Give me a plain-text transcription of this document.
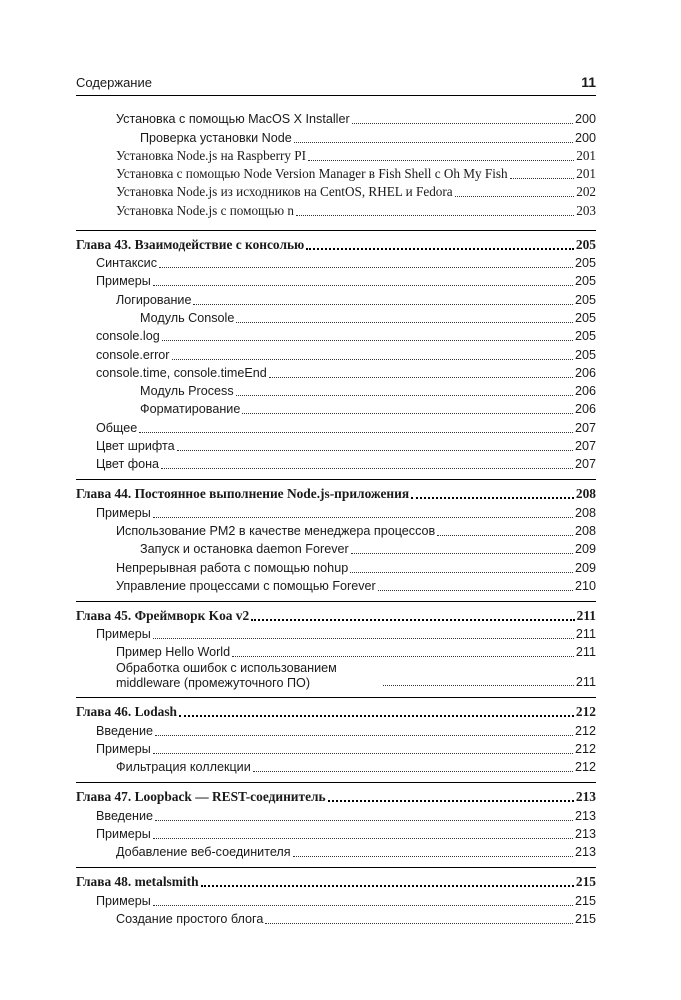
Содержание	11
Установка с помощью MacOS X Installer	200
Проверка установки Node	200
Установка Node.js на Raspberry PI	201
Установка с помощью Node Version Manager в Fish Shell с Oh My Fish	201
Установка Node.js из исходников на CentOS, RHEL и Fedora	202
Установка Node.js с помощью n	203
Глава 43. Взаимодействие с консолью	205
Синтаксис	205
Примеры	205
Логирование	205
Модуль Console	205
console.log	205
console.error	205
console.time, console.timeEnd	206
Модуль Process	206
Форматирование	206
Общее	207
Цвет шрифта	207
Цвет фона	207
Глава 44. Постоянное выполнение Node.js-приложения	208
Примеры	208
Использование PM2 в качестве менеджера процессов	208
Запуск и остановка daemon Forever	209
Непрерывная работа с помощью nohup	209
Управление процессами с помощью Forever	210
Глава 45. Фреймворк Koa v2	211
Примеры	211
Пример Hello World	211
Обработка ошибок с использованием middleware (промежуточного ПО)	211
Глава 46. Lodash	212
Введение	212
Примеры	212
Фильтрация коллекции	212
Глава 47. Loopback — REST-соединитель	213
Введение	213
Примеры	213
Добавление веб-соединителя	213
Глава 48. metalsmith	215
Примеры	215
Создание простого блога	215
